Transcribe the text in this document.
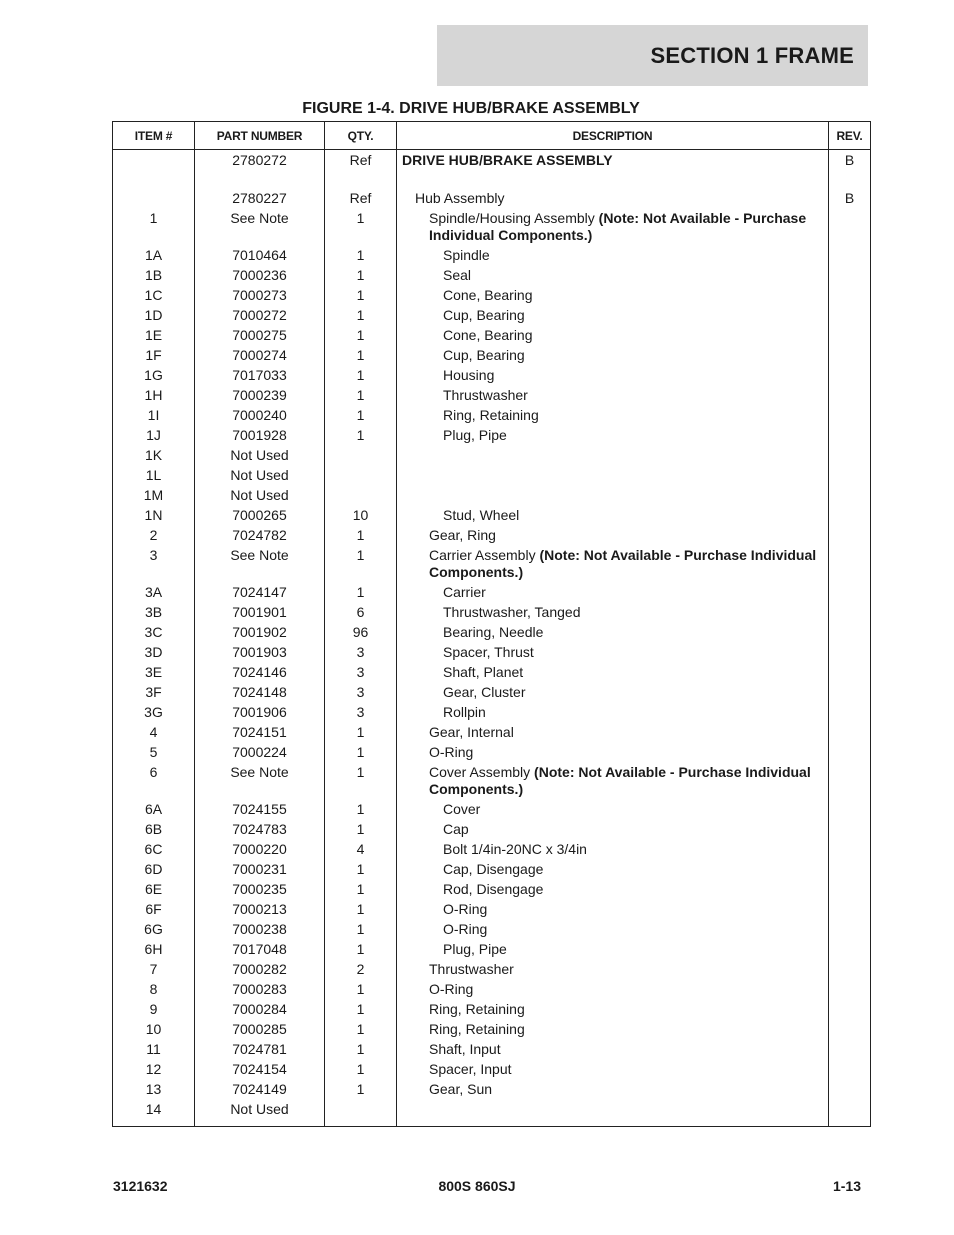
SECTION 1 FRAME
FIGURE 1-4. DRIVE HUB/BRAKE ASSEMBLY
ITEM #	PART NUMBER	QTY.	DESCRIPTION	REV.
	2780272	Ref	DRIVE HUB/BRAKE ASSEMBLY	B

	2780227	Ref	Hub Assembly	B
1	See Note	1	Spindle/Housing Assembly (Note: Not Available - Purchase Individual Components.)	
1A	7010464	1	Spindle	
1B	7000236	1	Seal	
1C	7000273	1	Cone, Bearing	
1D	7000272	1	Cup, Bearing	
1E	7000275	1	Cone, Bearing	
1F	7000274	1	Cup, Bearing	
1G	7017033	1	Housing	
1H	7000239	1	Thrustwasher	
1I	7000240	1	Ring, Retaining	
1J	7001928	1	Plug, Pipe	
1K	Not Used			
1L	Not Used			
1M	Not Used			
1N	7000265	10	Stud, Wheel	
2	7024782	1	Gear, Ring	
3	See Note	1	Carrier Assembly (Note: Not Available - Purchase Individual Components.)	
3A	7024147	1	Carrier	
3B	7001901	6	Thrustwasher, Tanged	
3C	7001902	96	Bearing, Needle	
3D	7001903	3	Spacer, Thrust	
3E	7024146	3	Shaft, Planet	
3F	7024148	3	Gear, Cluster	
3G	7001906	3	Rollpin	
4	7024151	1	Gear, Internal	
5	7000224	1	O-Ring	
6	See Note	1	Cover Assembly (Note: Not Available - Purchase Individual Components.)	
6A	7024155	1	Cover	
6B	7024783	1	Cap	
6C	7000220	4	Bolt 1/4in-20NC x 3/4in	
6D	7000231	1	Cap, Disengage	
6E	7000235	1	Rod, Disengage	
6F	7000213	1	O-Ring	
6G	7000238	1	O-Ring	
6H	7017048	1	Plug, Pipe	
7	7000282	2	Thrustwasher	
8	7000283	1	O-Ring	
9	7000284	1	Ring, Retaining	
10	7000285	1	Ring, Retaining	
11	7024781	1	Shaft, Input	
12	7024154	1	Spacer, Input	
13	7024149	1	Gear, Sun	
14	Not Used			
800S 860SJ
3121632	1-13
